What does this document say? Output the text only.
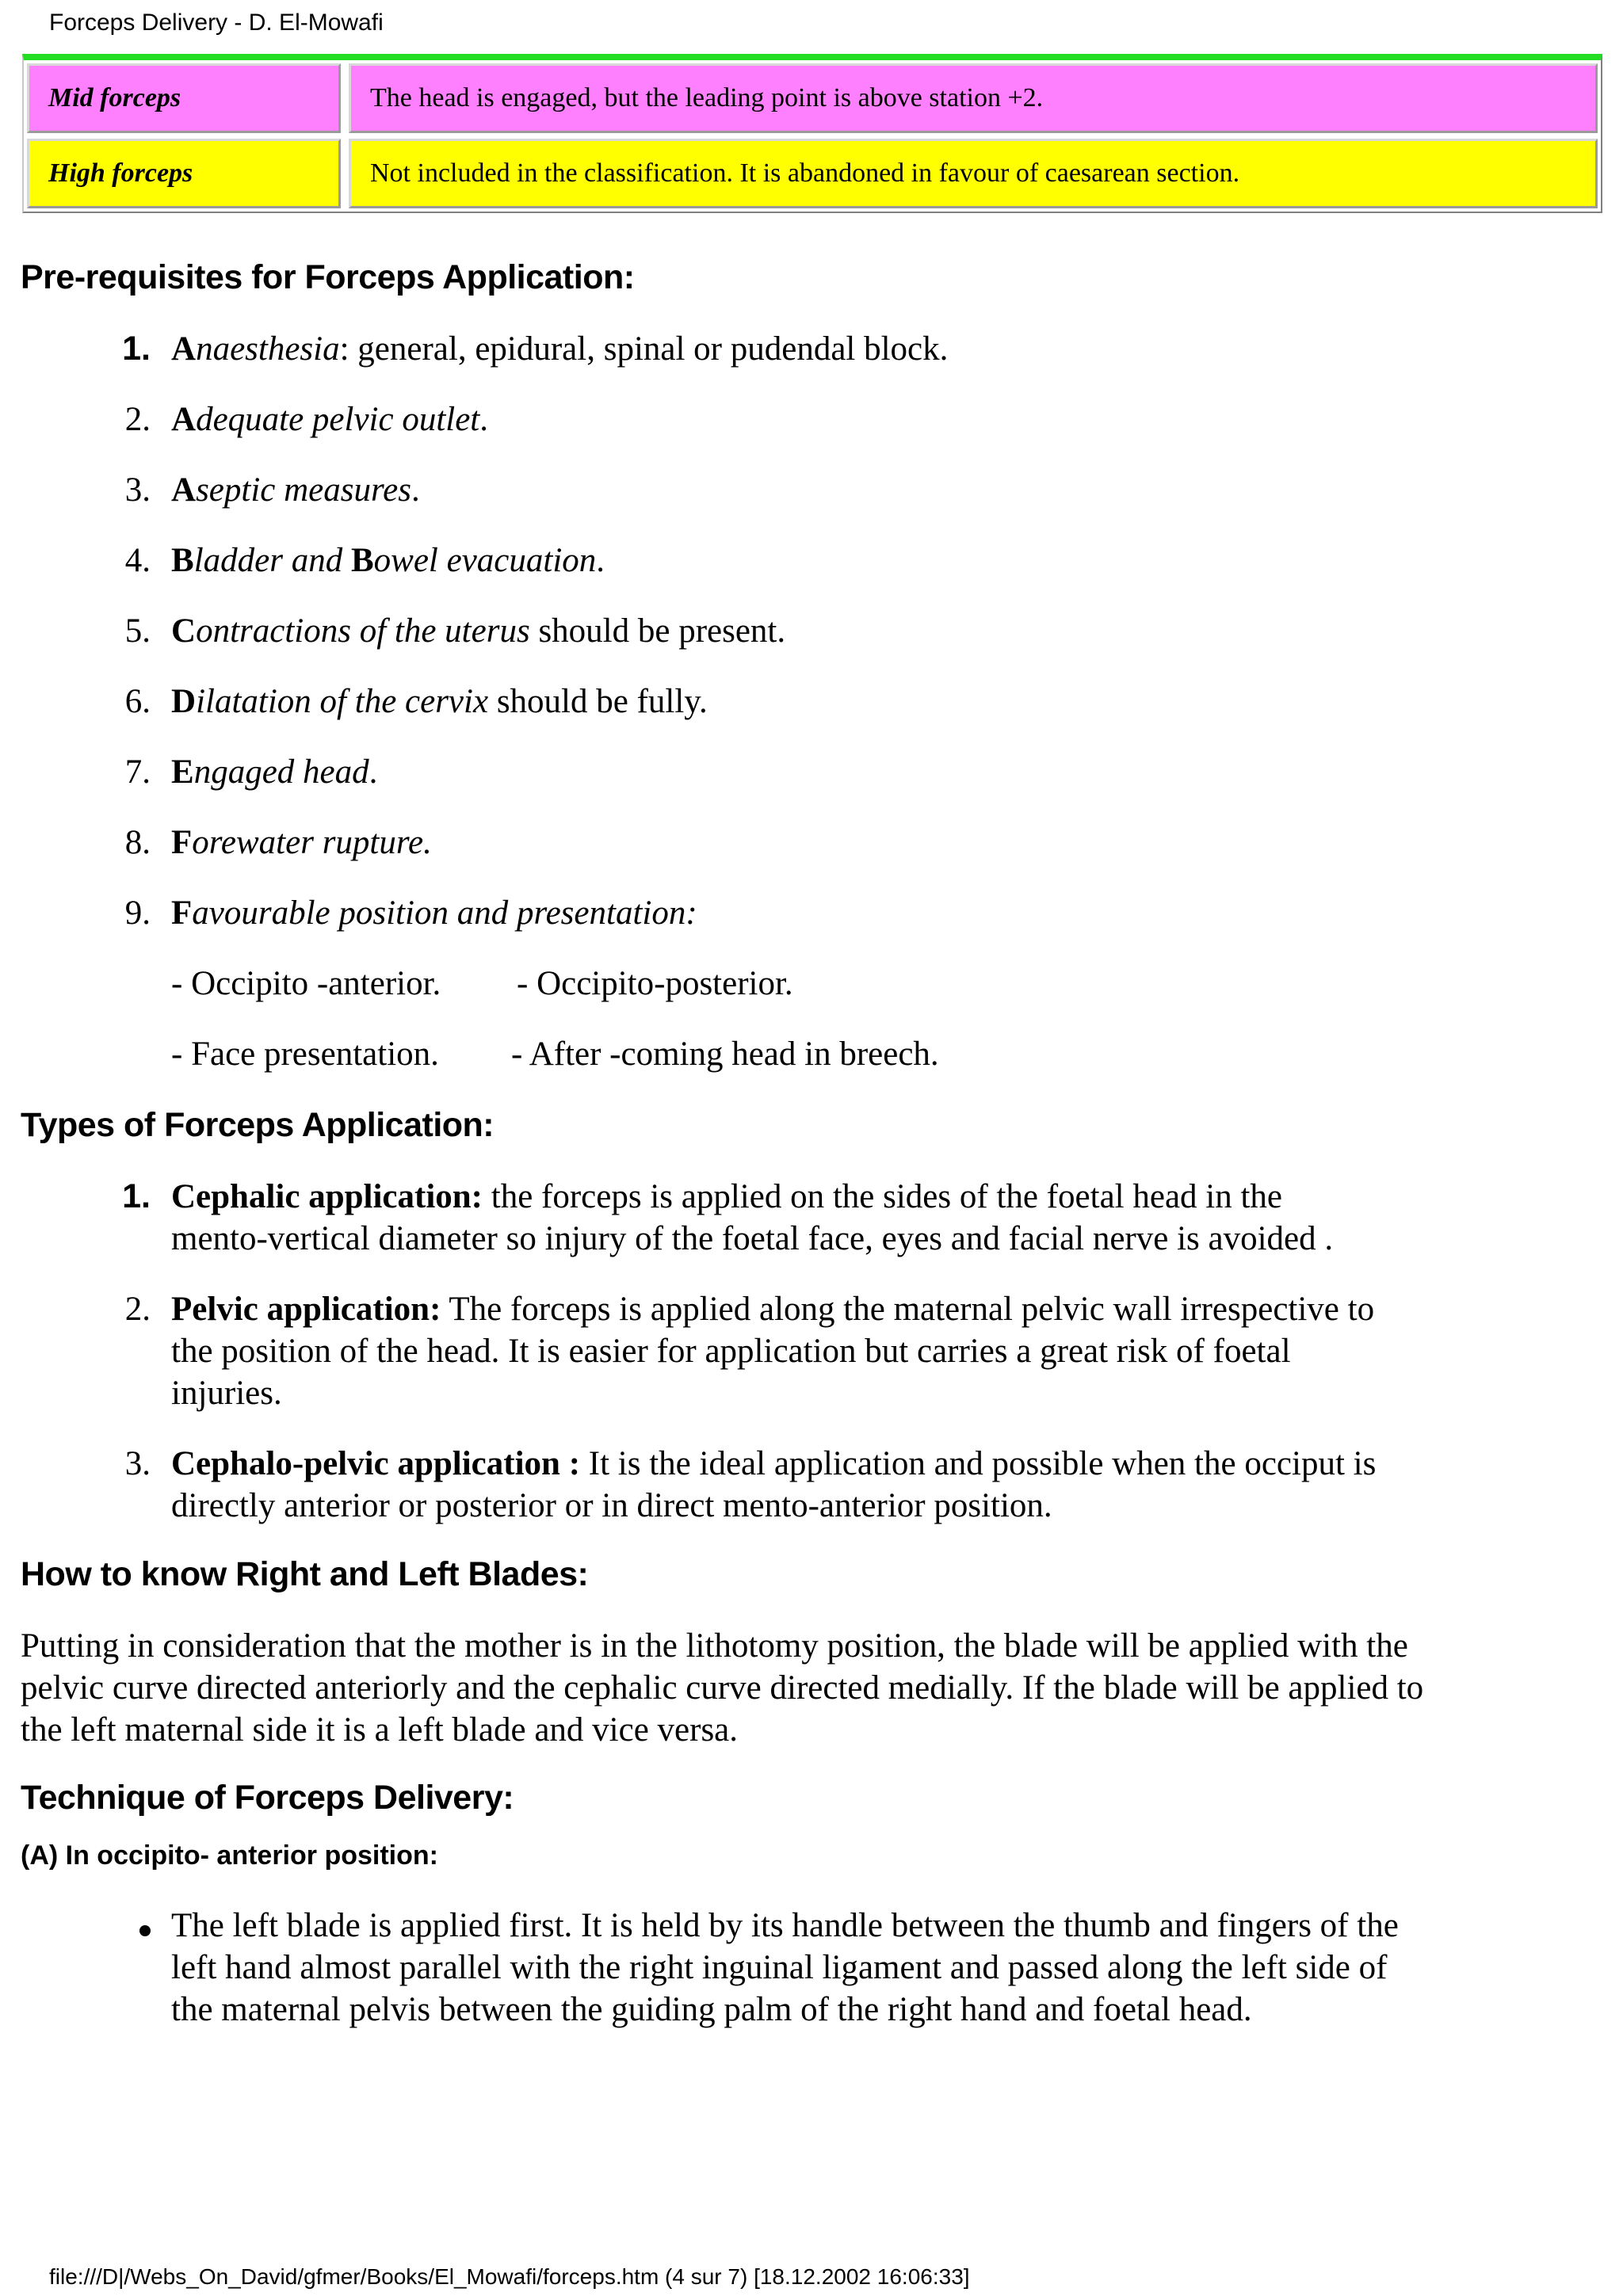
Forceps Delivery - D. El-Mowafi
Mid forceps	The head is engaged, but the leading point is above station +2.
High forceps	Not included in the classification. It is abandoned in favour of caesarean section.
Pre-requisites for Forceps Application:
1. Anaesthesia: general, epidural, spinal or pudendal block.
2. Adequate pelvic outlet.
3. Aseptic measures.
4. Bladder and Bowel evacuation.
5. Contractions of the uterus should be present.
6. Dilatation of the cervix should be fully.
7. Engaged head.
8. Forewater rupture.
9. Favourable position and presentation:
- Occipito -anterior. - Occipito-posterior.
- Face presentation. - After -coming head in breech.
Types of Forceps Application:
1. Cephalic application: the forceps is applied on the sides of the foetal head in the
mento-vertical diameter so injury of the foetal face, eyes and facial nerve is avoided .
2. Pelvic application: The forceps is applied along the maternal pelvic wall irrespective to
the position of the head. It is easier for application but carries a great risk of foetal
injuries.
3. Cephalo-pelvic application : It is the ideal application and possible when the occiput is
directly anterior or posterior or in direct mento-anterior position.
How to know Right and Left Blades:
Putting in consideration that the mother is in the lithotomy position, the blade will be applied with the
pelvic curve directed anteriorly and the cephalic curve directed medially. If the blade will be applied to
the left maternal side it is a left blade and vice versa.
Technique of Forceps Delivery:
(A) In occipito- anterior position:
The left blade is applied first. It is held by its handle between the thumb and fingers of the
left hand almost parallel with the right inguinal ligament and passed along the left side of
the maternal pelvis between the guiding palm of the right hand and foetal head.
file:///D|/Webs_On_David/gfmer/Books/El_Mowafi/forceps.htm (4 sur 7) [18.12.2002 16:06:33]
